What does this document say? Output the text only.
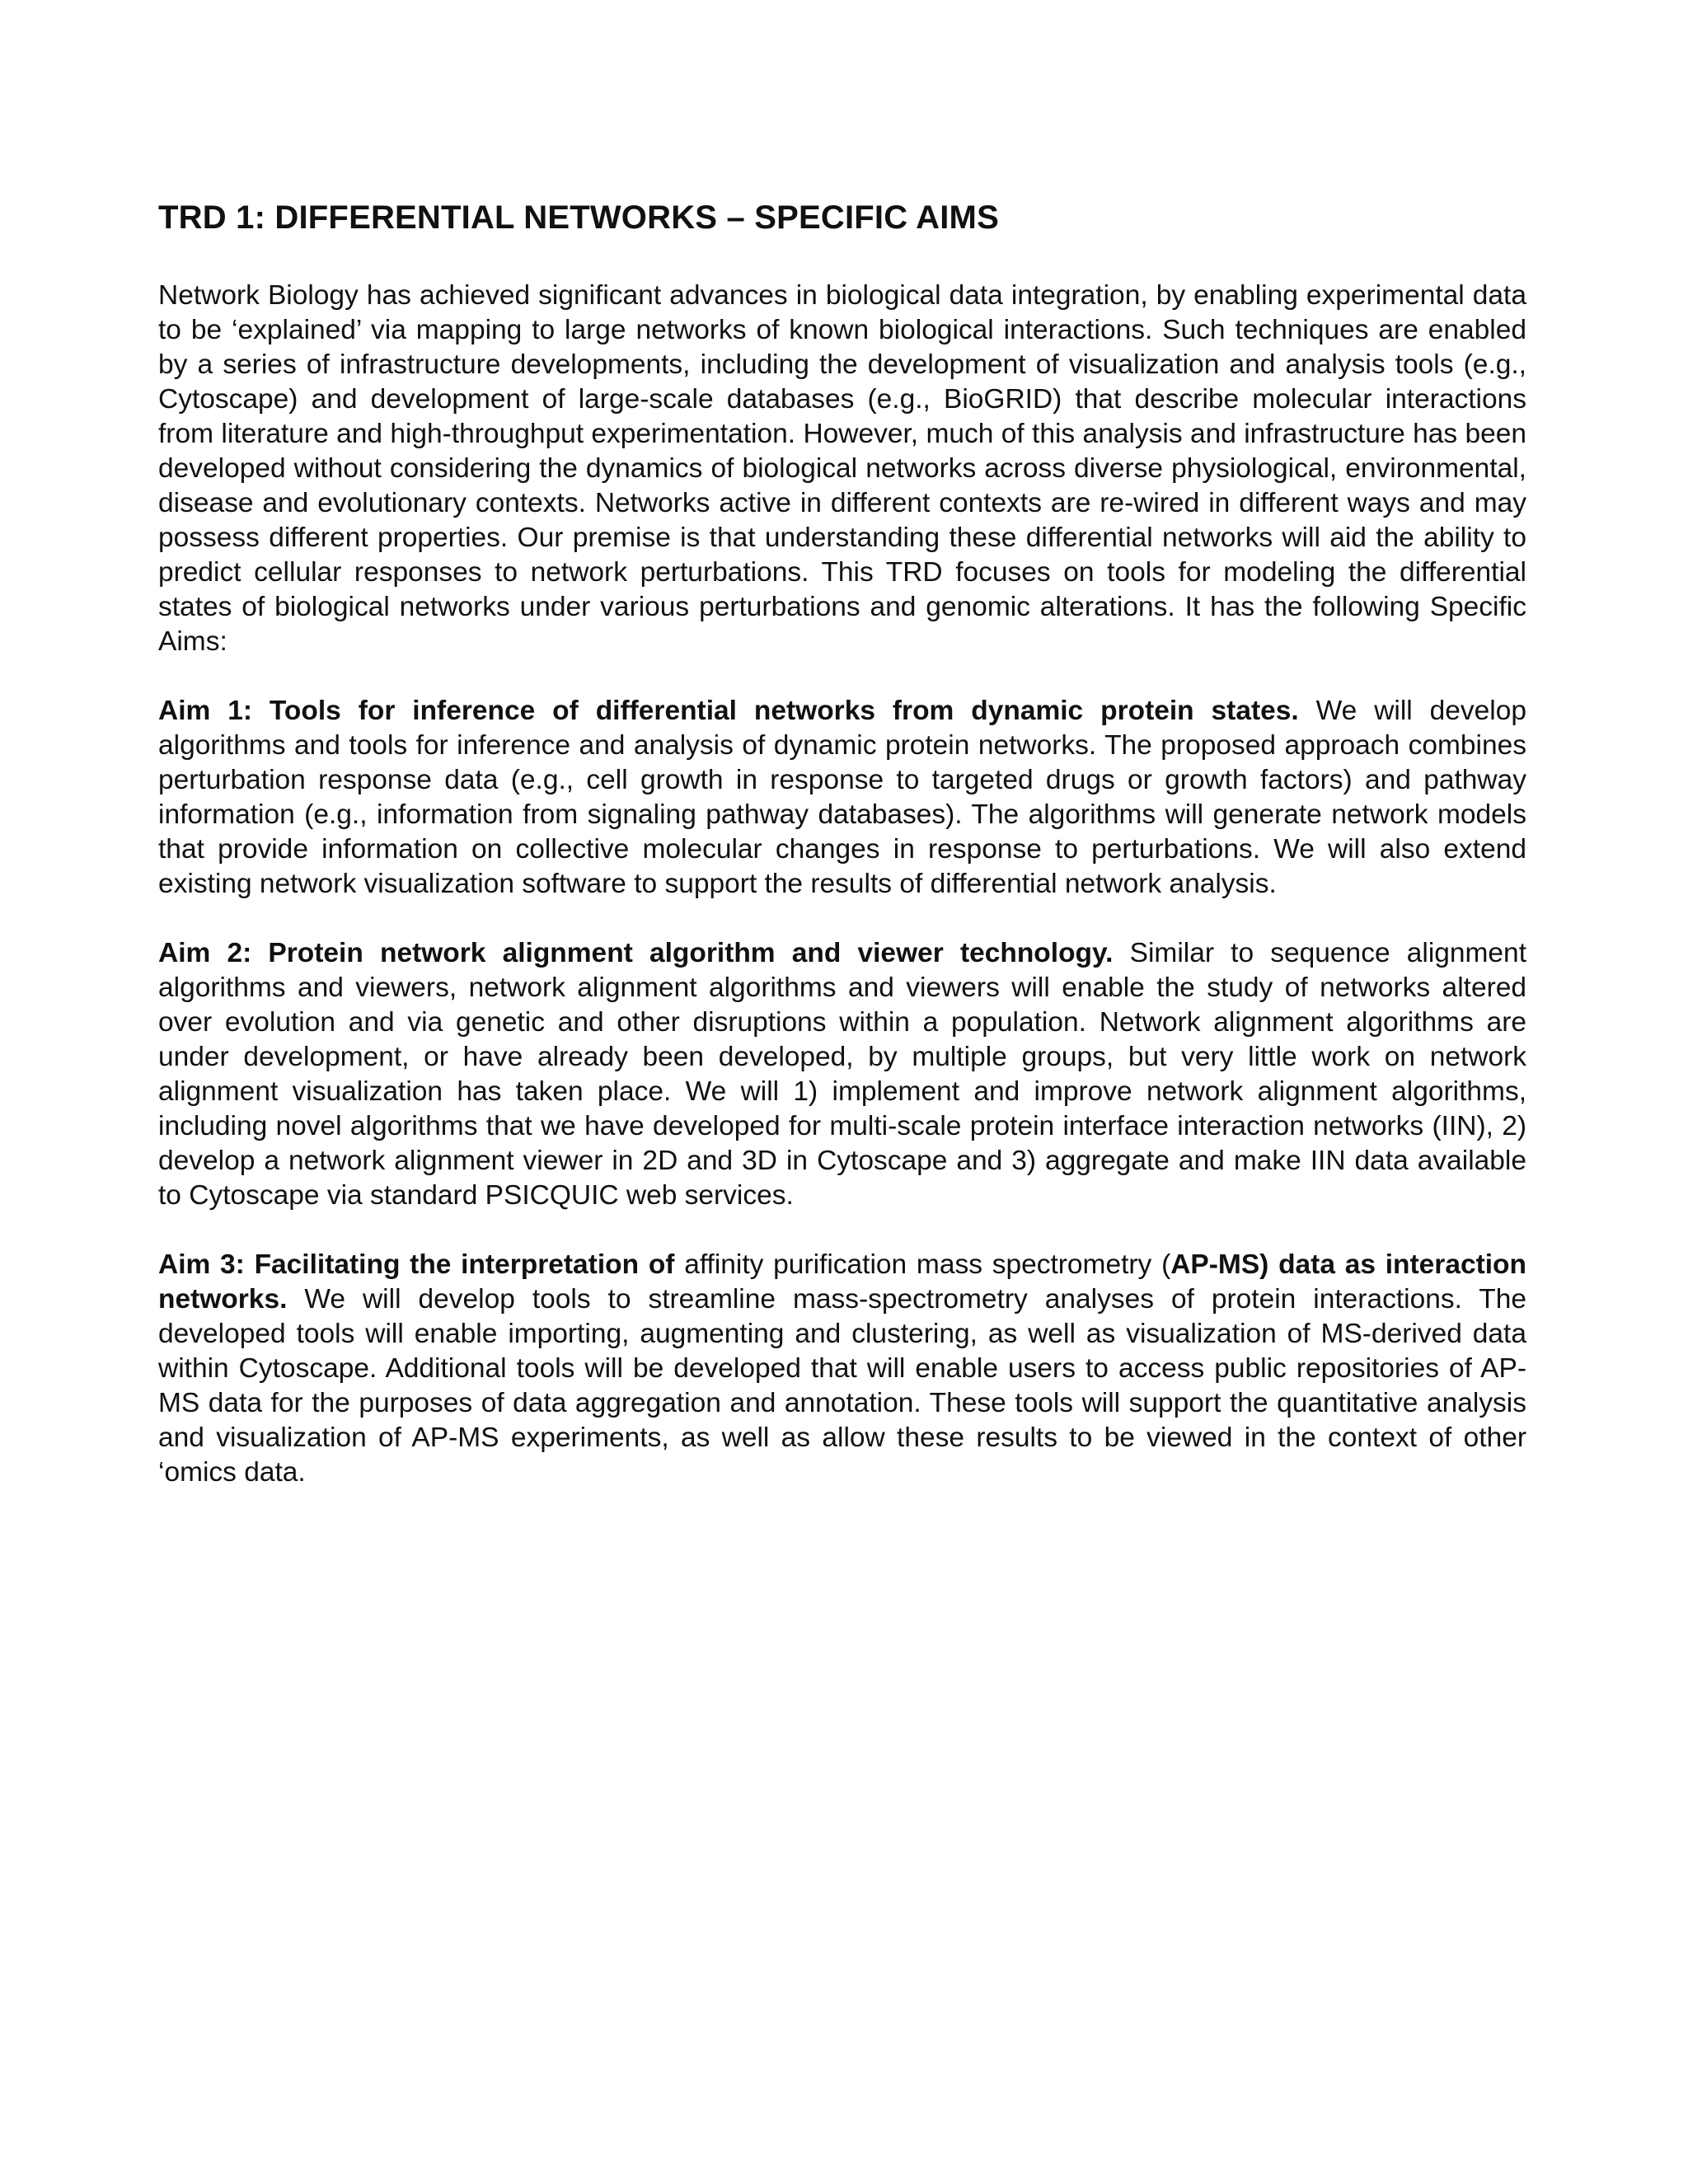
TRD 1: DIFFERENTIAL NETWORKS – SPECIFIC AIMS

Network Biology has achieved significant advances in biological data integration, by enabling experimental data to be ‘explained’ via mapping to large networks of known biological interactions. Such techniques are enabled by a series of infrastructure developments, including the development of visualization and analysis tools (e.g., Cytoscape) and development of large-scale databases (e.g., BioGRID) that describe molecular interactions from literature and high-throughput experimentation. However, much of this analysis and infrastructure has been developed without considering the dynamics of biological networks across diverse physiological, environmental, disease and evolutionary contexts. Networks active in different contexts are re-wired in different ways and may possess different properties. Our premise is that understanding these differential networks will aid the ability to predict cellular responses to network perturbations. This TRD focuses on tools for modeling the differential states of biological networks under various perturbations and genomic alterations. It has the following Specific Aims:

Aim 1: Tools for inference of differential networks from dynamic protein states. We will develop algorithms and tools for inference and analysis of dynamic protein networks. The proposed approach combines perturbation response data (e.g., cell growth in response to targeted drugs or growth factors) and pathway information (e.g., information from signaling pathway databases). The algorithms will generate network models that provide information on collective molecular changes in response to perturbations. We will also extend existing network visualization software to support the results of differential network analysis.

Aim 2: Protein network alignment algorithm and viewer technology. Similar to sequence alignment algorithms and viewers, network alignment algorithms and viewers will enable the study of networks altered over evolution and via genetic and other disruptions within a population. Network alignment algorithms are under development, or have already been developed, by multiple groups, but very little work on network alignment visualization has taken place. We will 1) implement and improve network alignment algorithms, including novel algorithms that we have developed for multi-scale protein interface interaction networks (IIN), 2) develop a network alignment viewer in 2D and 3D in Cytoscape and 3) aggregate and make IIN data available to Cytoscape via standard PSICQUIC web services.

Aim 3: Facilitating the interpretation of affinity purification mass spectrometry (AP-MS) data as interaction networks. We will develop tools to streamline mass-spectrometry analyses of protein interactions. The developed tools will enable importing, augmenting and clustering, as well as visualization of MS-derived data within Cytoscape. Additional tools will be developed that will enable users to access public repositories of AP-MS data for the purposes of data aggregation and annotation. These tools will support the quantitative analysis and visualization of AP-MS experiments, as well as allow these results to be viewed in the context of other ‘omics data.
